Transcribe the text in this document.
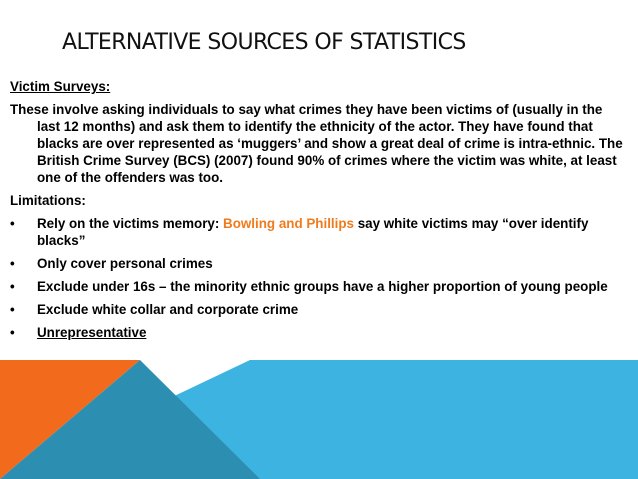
ALTERNATIVE SOURCES OF STATISTICS
Victim Surveys:
These involve asking individuals to say what crimes they have been victims of (usually in the last 12 months) and ask them to identify the ethnicity of the actor. They have found that blacks are over represented as ‘muggers’ and show a great deal of crime is intra-ethnic. The British Crime Survey (BCS) (2007) found 90% of crimes where the victim was white, at least one of the offenders was too.
Limitations:
• Rely on the victims memory: Bowling and Phillips say white victims may “over identify blacks”
• Only cover personal crimes
• Exclude under 16s – the minority ethnic groups have a higher proportion of young people
• Exclude white collar and corporate crime
• Unrepresentative
